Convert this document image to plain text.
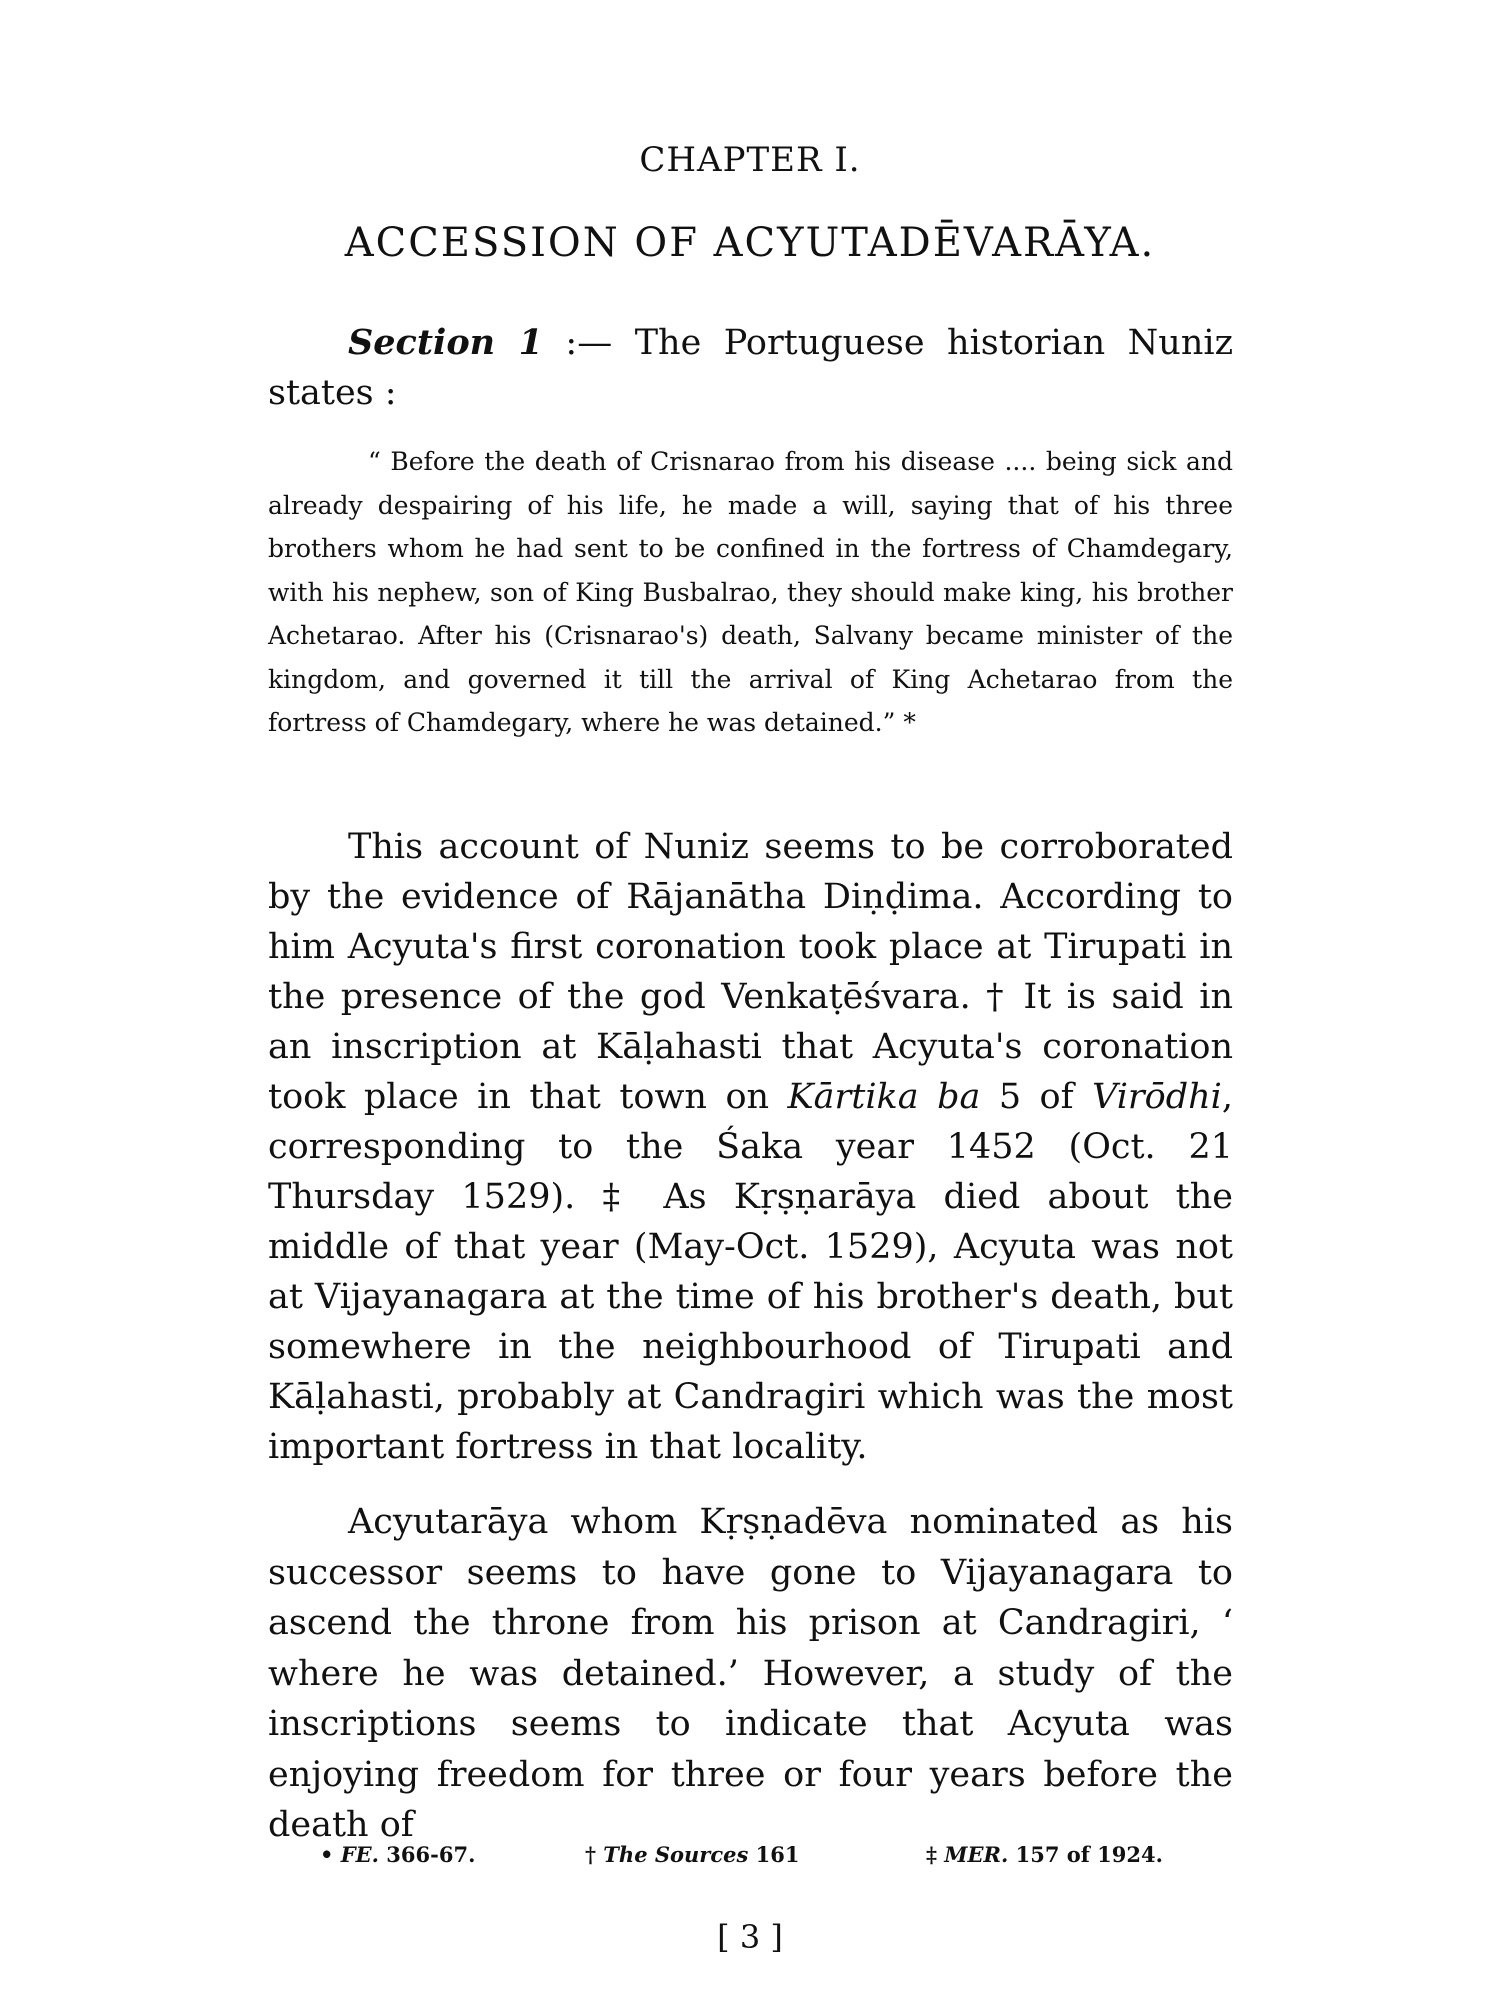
CHAPTER I.
ACCESSION OF ACYUTADĒVARĀYA.
Section 1 :— The Portuguese historian Nuniz states :
“ Before the death of Crisnarao from his disease .... being sick and already despairing of his life, he made a will, saying that of his three brothers whom he had sent to be confined in the fortress of Chamdegary, with his nephew, son of King Busbalrao, they should make king, his brother Achetarao. After his (Crisnarao's) death, Salvany became minister of the kingdom, and governed it till the arrival of King Achetarao from the fortress of Chamdegary, where he was detained.” *
This account of Nuniz seems to be corroborated by the evidence of Rājanātha Diṇḍima. According to him Acyuta's first coronation took place at Tirupati in the presence of the god Venkaṭēśvara. † It is said in an inscription at Kāḷahasti that Acyuta's coronation took place in that town on Kārtika ba 5 of Virōdhi, corresponding to the Śaka year 1452 (Oct. 21 Thursday 1529). ‡ As Kṛṣṇarāya died about the middle of that year (May-Oct. 1529), Acyuta was not at Vijayanagara at the time of his brother's death, but somewhere in the neighbourhood of Tirupati and Kāḷahasti, probably at Candragiri which was the most important fortress in that locality.
Acyutarāya whom Kṛṣṇadēva nominated as his successor seems to have gone to Vijayanagara to ascend the throne from his prison at Candragiri, ‘ where he was detained.’ However, a study of the inscriptions seems to indicate that Acyuta was enjoying freedom for three or four years before the death of
• FE. 366-67.	† The Sources 161	‡ MER. 157 of 1924.
[ 3 ]
